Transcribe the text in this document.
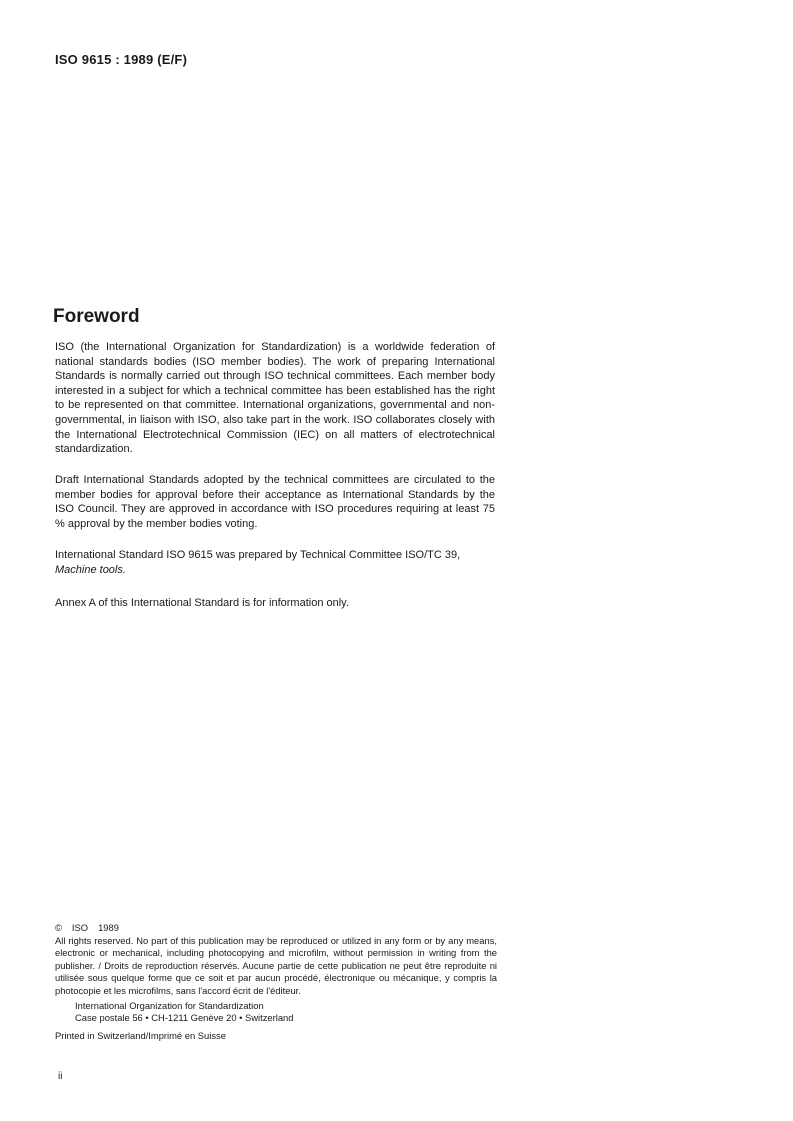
ISO 9615 : 1989 (E/F)
Foreword

ISO (the International Organization for Standardization) is a worldwide federation of national standards bodies (ISO member bodies). The work of preparing International Standards is normally carried out through ISO technical committees. Each member body interested in a subject for which a technical committee has been established has the right to be represented on that committee. International organizations, governmental and non-governmental, in liaison with ISO, also take part in the work. ISO collaborates closely with the International Electrotechnical Commission (IEC) on all matters of electrotechnical standardization.

Draft International Standards adopted by the technical committees are circulated to the member bodies for approval before their acceptance as International Standards by the ISO Council. They are approved in accordance with ISO procedures requiring at least 75 % approval by the member bodies voting.

International Standard ISO 9615 was prepared by Technical Committee ISO/TC 39,
Machine tools.

Annex A of this International Standard is for information only.

© ISO 1989
All rights reserved. No part of this publication may be reproduced or utilized in any form or by any means, electronic or mechanical, including photocopying and microfilm, without permission in writing from the publisher. / Droits de reproduction réservés. Aucune partie de cette publication ne peut être reproduite ni utilisée sous quelque forme que ce soit et par aucun procédé, électronique ou mécanique, y compris la photocopie et les microfilms, sans l'accord écrit de l'éditeur.
International Organization for Standardization
Case postale 56 • CH-1211 Genève 20 • Switzerland
Printed in Switzerland/Imprimé en Suisse
ii
